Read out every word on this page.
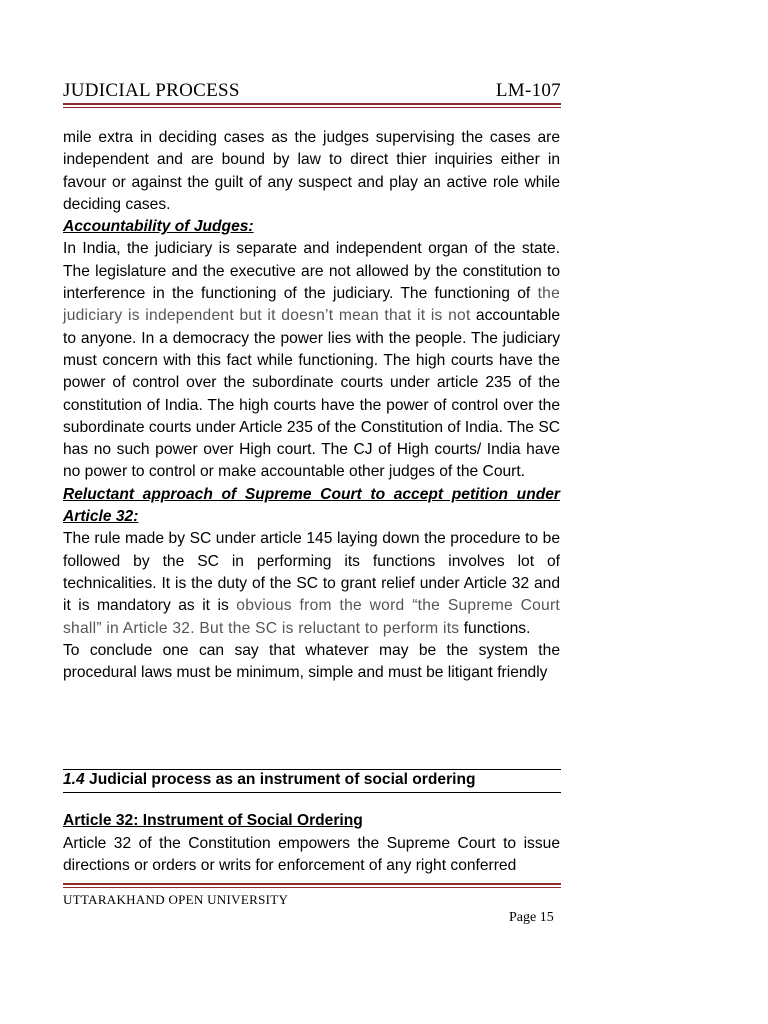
JUDICIAL PROCESS	LM-107

mile extra in deciding cases as the judges supervising the cases are independent and are bound by law to direct thier inquiries either in favour or against the guilt of any suspect and play an active role while deciding cases.

Accountability of Judges:

In India, the judiciary is separate and independent organ of the state. The legislature and the executive are not allowed by the constitution to interference in the functioning of the judiciary. The functioning of the judiciary is independent but it doesn’t mean that it is not accountable to anyone. In a democracy the power lies with the people. The judiciary must concern with this fact while functioning. The high courts have the power of control over the subordinate courts under article 235 of the constitution of India. The high courts have the power of control over the subordinate courts under Article 235 of the Constitution of India. The SC has no such power over High court. The CJ of High courts/ India have no power to control or make accountable other judges of the Court.

Reluctant approach of Supreme Court to accept petition under Article 32:

The rule made by SC under article 145 laying down the procedure to be followed by the SC in performing its functions involves lot of technicalities. It is the duty of the SC to grant relief under Article 32 and it is mandatory as it is obvious from the word “the Supreme Court shall” in Article 32. But the SC is reluctant to perform its functions.

To conclude one can say that whatever may be the system the procedural laws must be minimum, simple and must be litigant friendly

1.4 Judicial process as an instrument of social ordering
Article 32: Instrument of Social Ordering

Article 32 of the Constitution empowers the Supreme Court to issue directions or orders or writs for enforcement of any right conferred

UTTARAKHAND OPEN UNIVERSITY
Page 15
